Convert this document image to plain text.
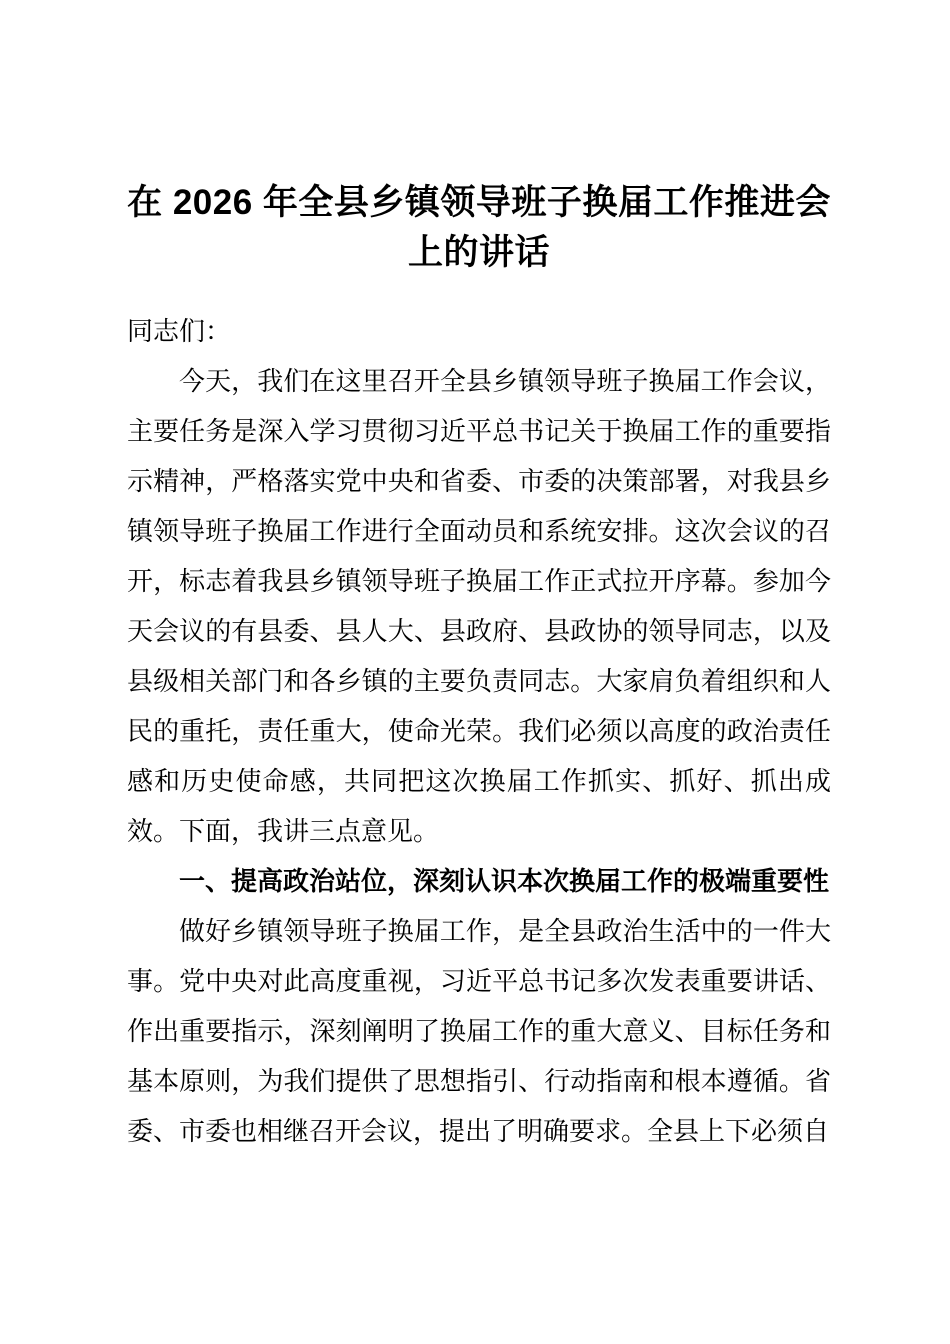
在 2026 年全县乡镇领导班子换届工作推进会
上的讲话

同志们：

今天，我们在这里召开全县乡镇领导班子换届工作会议，主要任务是深入学习贯彻习近平总书记关于换届工作的重要指示精神，严格落实党中央和省委、市委的决策部署，对我县乡镇领导班子换届工作进行全面动员和系统安排。这次会议的召开，标志着我县乡镇领导班子换届工作正式拉开序幕。参加今天会议的有县委、县人大、县政府、县政协的领导同志，以及县级相关部门和各乡镇的主要负责同志。大家肩负着组织和人民的重托，责任重大，使命光荣。我们必须以高度的政治责任感和历史使命感，共同把这次换届工作抓实、抓好、抓出成效。下面，我讲三点意见。

一、提高政治站位，深刻认识本次换届工作的极端重要性

做好乡镇领导班子换届工作，是全县政治生活中的一件大事。党中央对此高度重视，习近平总书记多次发表重要讲话、作出重要指示，深刻阐明了换届工作的重大意义、目标任务和基本原则，为我们提供了思想指引、行动指南和根本遵循。省委、市委也相继召开会议，提出了明确要求。全县上下必须自
